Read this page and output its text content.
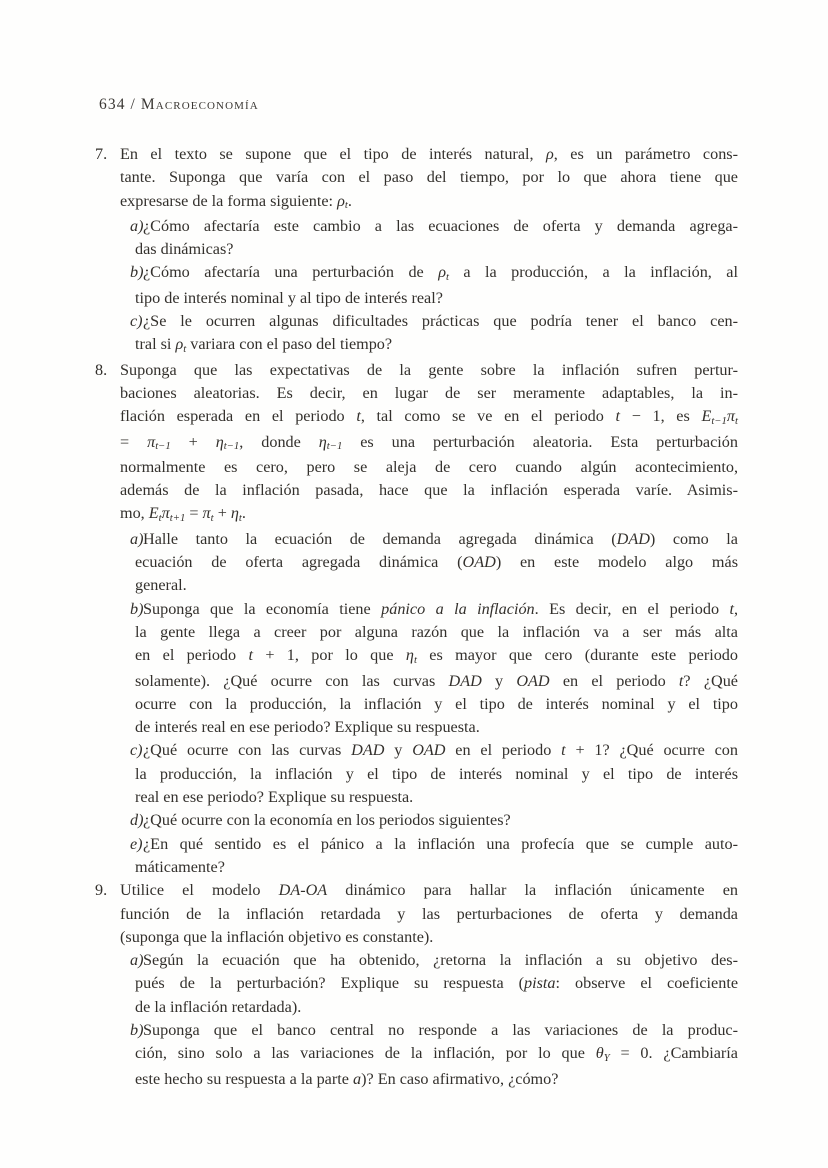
634 / Macroeconomía
7. En el texto se supone que el tipo de interés natural, ρ, es un parámetro cons-
tante. Suponga que varía con el paso del tiempo, por lo que ahora tiene que
expresarse de la forma siguiente: ρt.
a) ¿Cómo afectaría este cambio a las ecuaciones de oferta y demanda agrega-
das dinámicas?
b) ¿Cómo afectaría una perturbación de ρt a la producción, a la inflación, al
tipo de interés nominal y al tipo de interés real?
c) ¿Se le ocurren algunas dificultades prácticas que podría tener el banco cen-
tral si ρt variara con el paso del tiempo?
8. Suponga que las expectativas de la gente sobre la inflación sufren pertur-
baciones aleatorias. Es decir, en lugar de ser meramente adaptables, la in-
flación esperada en el periodo t, tal como se ve en el periodo t − 1, es Et−1πt
= πt−1 + ηt−1, donde ηt−1 es una perturbación aleatoria. Esta perturbación
normalmente es cero, pero se aleja de cero cuando algún acontecimiento,
además de la inflación pasada, hace que la inflación esperada varíe. Asimis-
mo, Etπt+1 = πt + ηt.
a) Halle tanto la ecuación de demanda agregada dinámica (DAD) como la
ecuación de oferta agregada dinámica (OAD) en este modelo algo más
general.
b) Suponga que la economía tiene pánico a la inflación. Es decir, en el periodo t,
la gente llega a creer por alguna razón que la inflación va a ser más alta
en el periodo t + 1, por lo que ηt es mayor que cero (durante este periodo
solamente). ¿Qué ocurre con las curvas DAD y OAD en el periodo t? ¿Qué
ocurre con la producción, la inflación y el tipo de interés nominal y el tipo
de interés real en ese periodo? Explique su respuesta.
c) ¿Qué ocurre con las curvas DAD y OAD en el periodo t + 1? ¿Qué ocurre con
la producción, la inflación y el tipo de interés nominal y el tipo de interés
real en ese periodo? Explique su respuesta.
d) ¿Qué ocurre con la economía en los periodos siguientes?
e) ¿En qué sentido es el pánico a la inflación una profecía que se cumple auto-
máticamente?
9. Utilice el modelo DA-OA dinámico para hallar la inflación únicamente en
función de la inflación retardada y las perturbaciones de oferta y demanda
(suponga que la inflación objetivo es constante).
a) Según la ecuación que ha obtenido, ¿retorna la inflación a su objetivo des-
pués de la perturbación? Explique su respuesta (pista: observe el coeficiente
de la inflación retardada).
b) Suponga que el banco central no responde a las variaciones de la produc-
ción, sino solo a las variaciones de la inflación, por lo que θY = 0. ¿Cambiaría
este hecho su respuesta a la parte a)? En caso afirmativo, ¿cómo?
